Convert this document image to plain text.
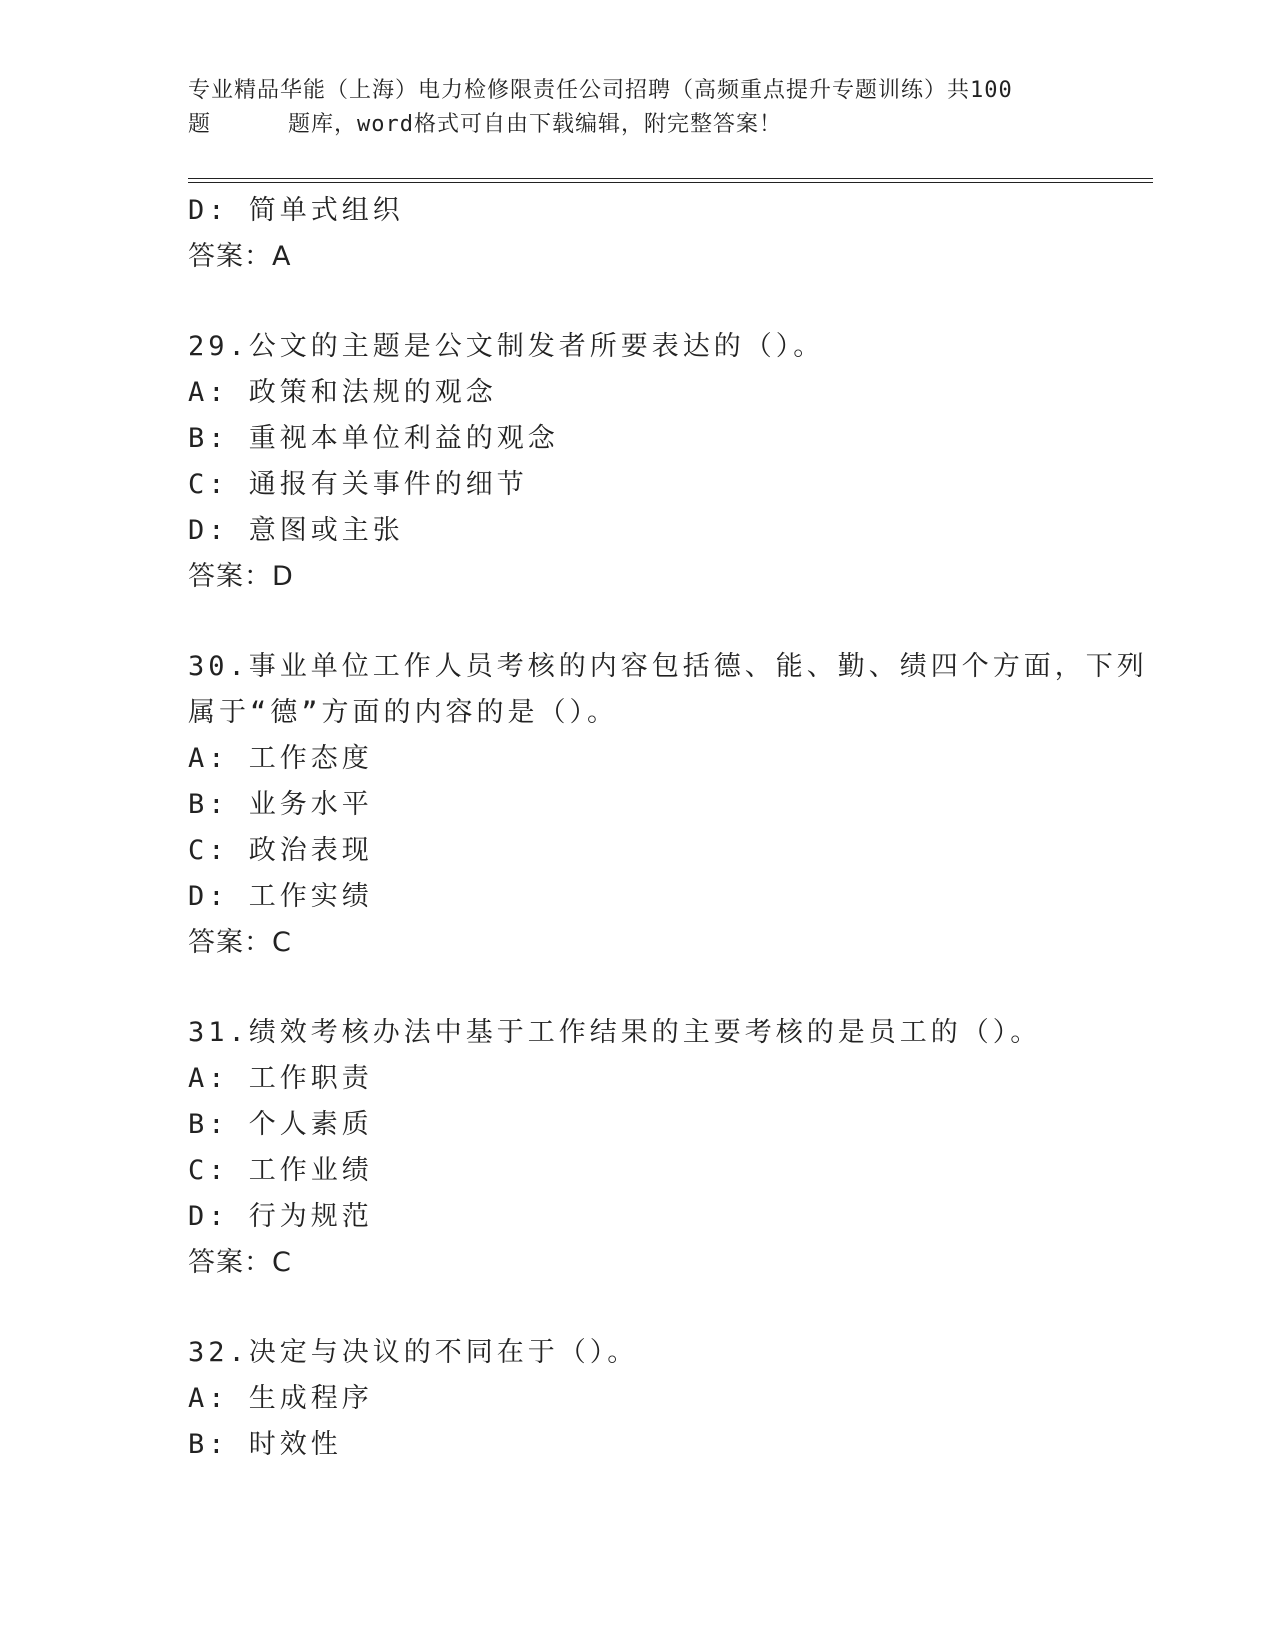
专业精品华能（上海）电力检修限责任公司招聘（高频重点提升专题训练）共100
题	题库，word格式可自由下载编辑，附完整答案！
D: 简单式组织
答案：A
29.公文的主题是公文制发者所要表达的（）。
A: 政策和法规的观念
B: 重视本单位利益的观念
C: 通报有关事件的细节
D: 意图或主张
答案：D
30.事业单位工作人员考核的内容包括德、能、勤、绩四个方面，下列
属于“德”方面的内容的是（）。
A: 工作态度
B: 业务水平
C: 政治表现
D: 工作实绩
答案：C
31.绩效考核办法中基于工作结果的主要考核的是员工的（）。
A: 工作职责
B: 个人素质
C: 工作业绩
D: 行为规范
答案：C
32.决定与决议的不同在于（）。
A: 生成程序
B: 时效性
